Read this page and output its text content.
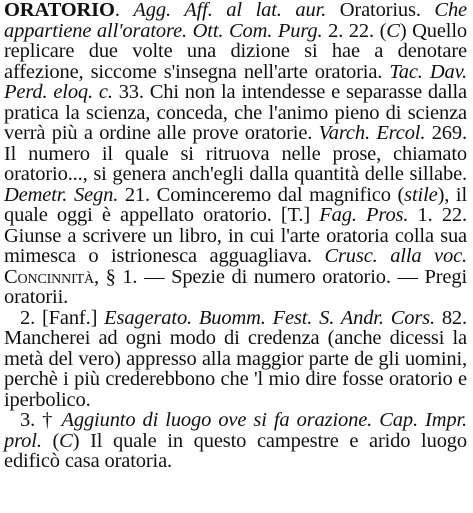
ORATORIO. Agg. Aff. al lat. aur. Oratorius. Che appartiene all'oratore. Ott. Com. Purg. 2. 22. (C) Quello replicare due volte una dizione si hae a denotare affezione, siccome s'insegna nell'arte oratoria. Tac. Dav. Perd. eloq. c. 33. Chi non la intendesse e separasse dalla pratica la scienza, conceda, che l'animo pieno di scienza verrà più a ordine alle prove oratorie. Varch. Ercol. 269. Il numero il quale si ritruova nelle prose, chiamato oratorio..., si genera anch'egli dalla quantità delle sillabe. Demetr. Segn. 21. Cominceremo dal magnifico (stile), il quale oggi è appellato oratorio. [T.] Fag. Pros. 1. 22. Giunse a scrivere un libro, in cui l'arte oratoria colla sua mimesca o istrionesca agguagliava. Crusc. alla voc. Concinnità, § 1. — Spezie di numero oratorio. — Pregi oratorii.

2. [Fanf.] Esagerato. Buomm. Fest. S. Andr. Cors. 82. Mancherei ad ogni modo di credenza (anche dicessi la metà del vero) appresso alla maggior parte de gli uomini, perchè i più crederebbono che 'l mio dire fosse oratorio e iperbolico.

3. † Aggiunto di luogo ove si fa orazione. Cap. Impr. prol. (C) Il quale in questo campestre e arido luogo edificò casa oratoria.
